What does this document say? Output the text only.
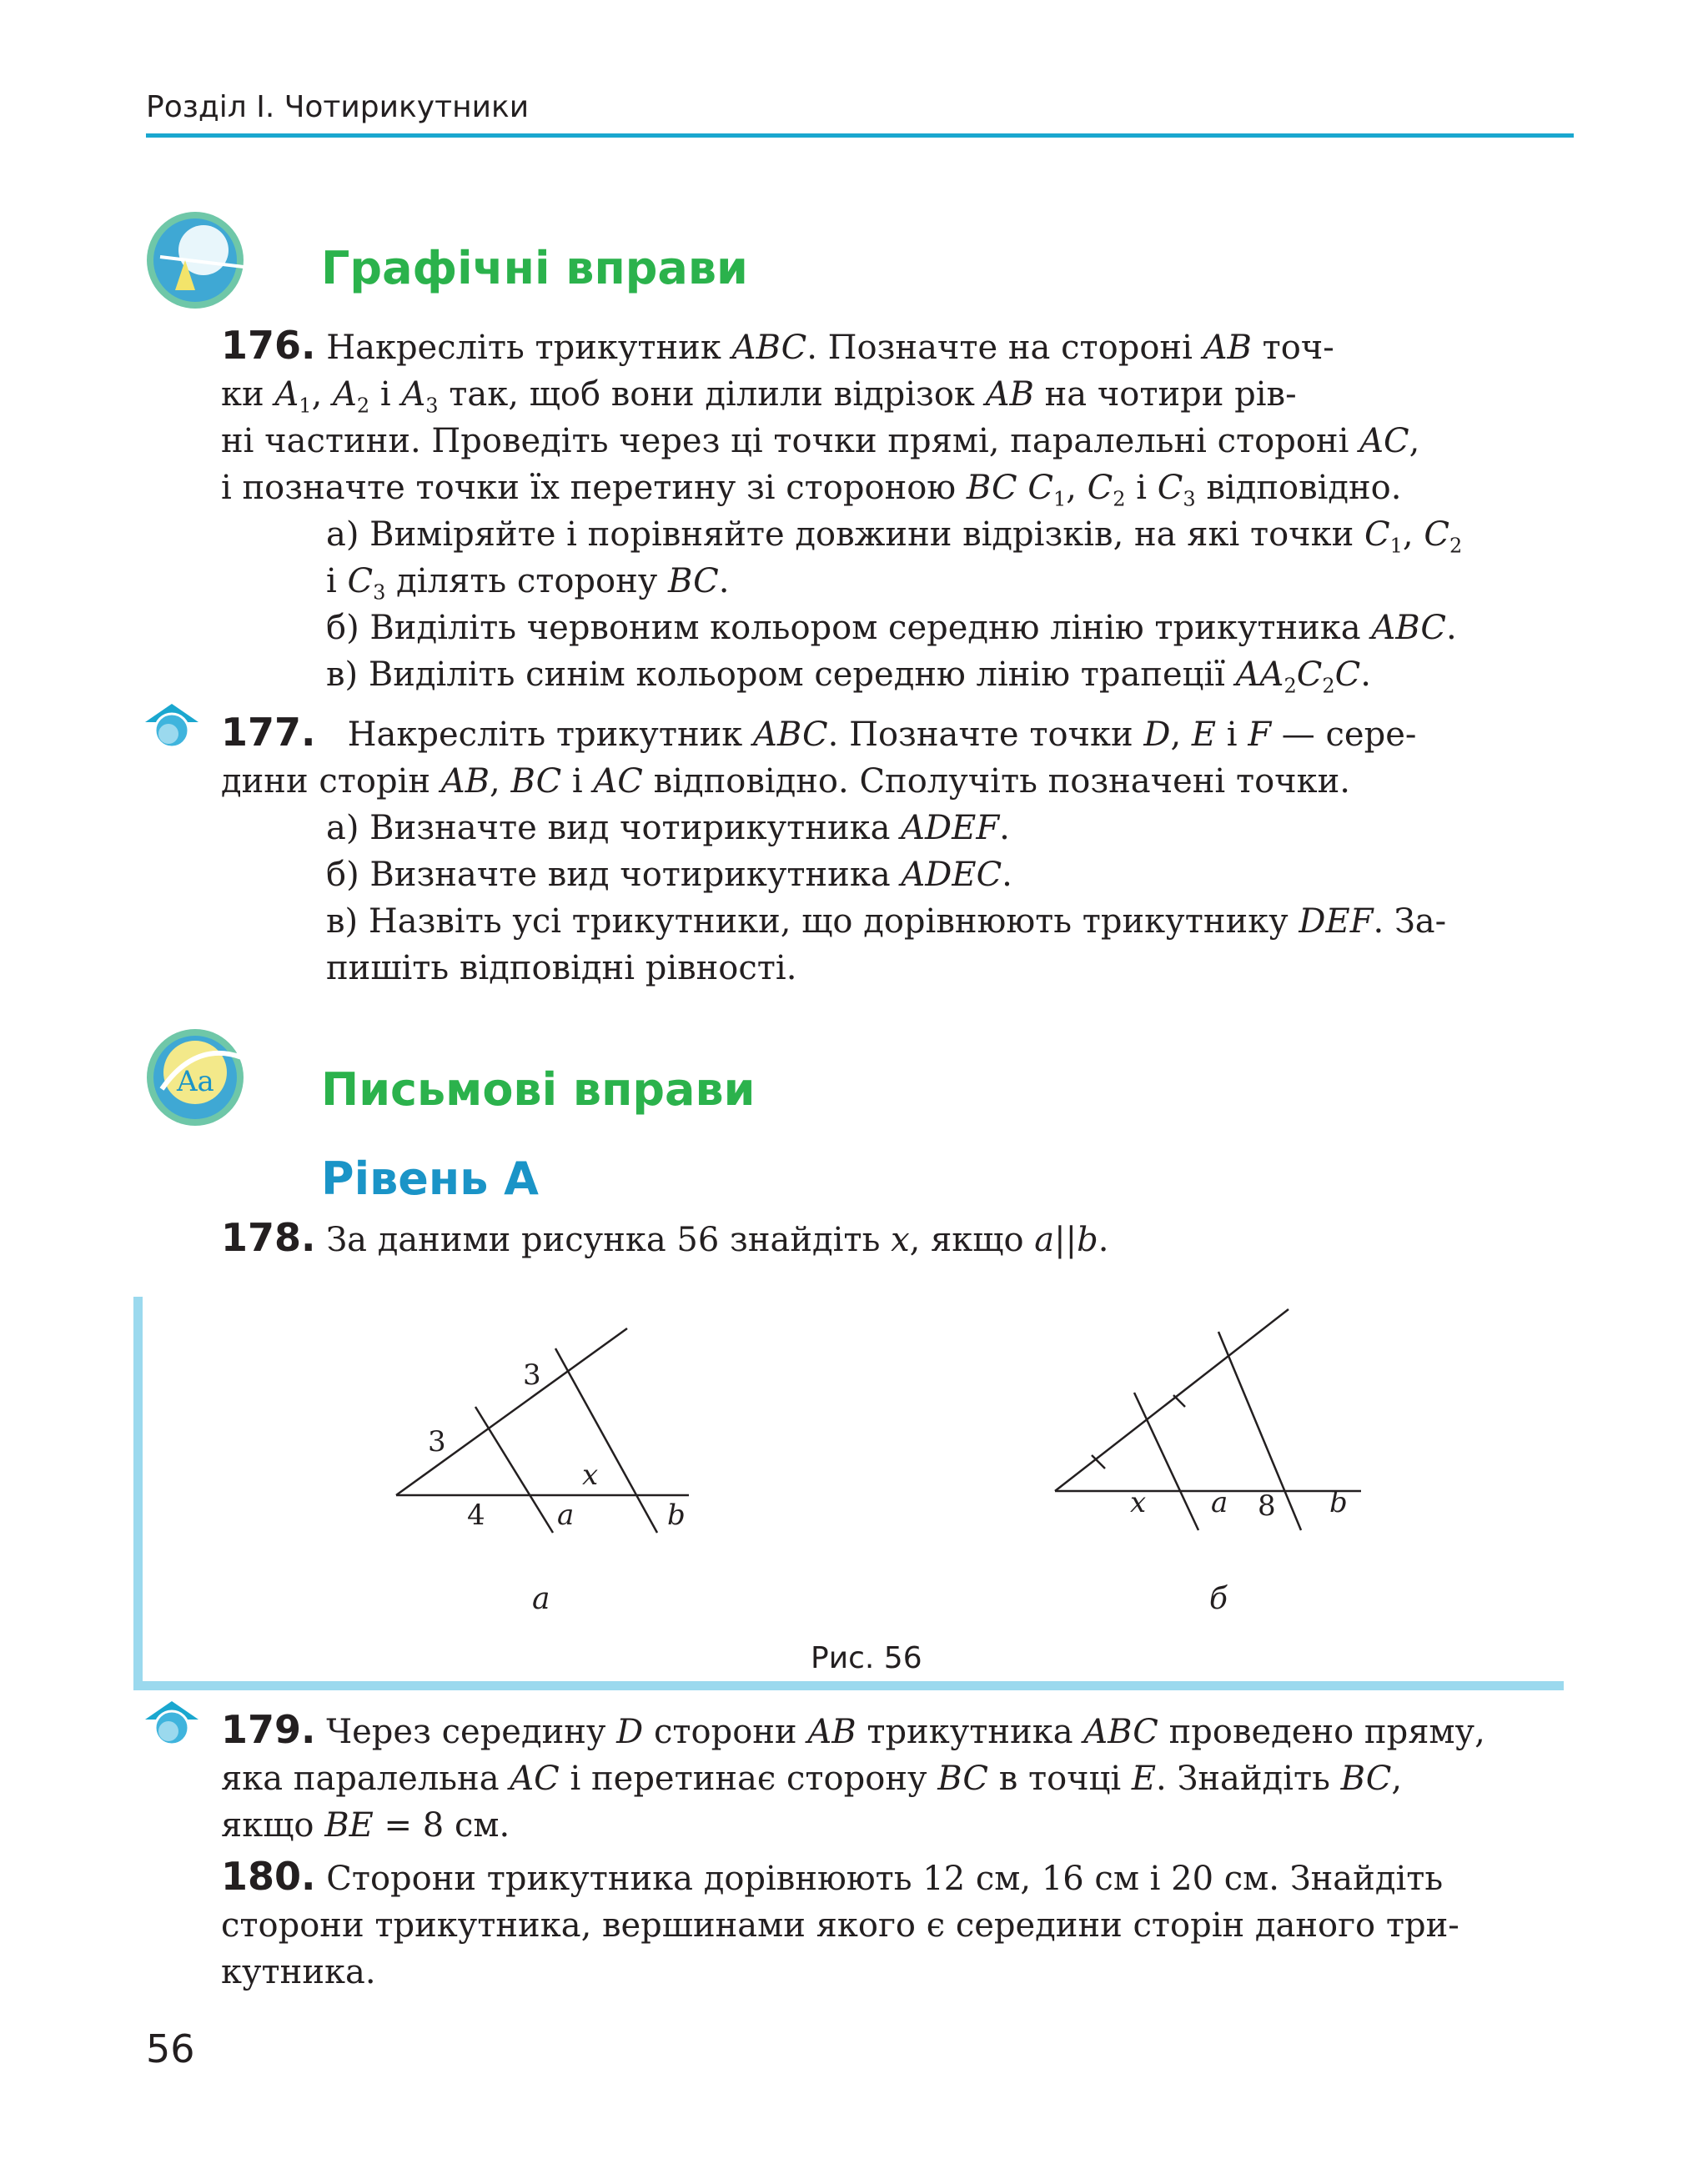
Розділ І. Чотирикутники
Графічні вправи
176. Накресліть трикутник ABC. Позначте на стороні AB точ-
ки $A_1$, $A_2$ і $A_3$ так, щоб вони ділили відрізок AB на чотири рів-
ні частини. Проведіть через ці точки прямі, паралельні стороні AC,
і позначте точки їх перетину зі стороною BC $C_1$, $C_2$ і $C_3$ відповідно.
а) Виміряйте і порівняйте довжини відрізків, на які точки $C_1$, $C_2$
і $C_3$ ділять сторону BC.
б) Виділіть червоним кольором середню лінію трикутника ABC.
в) Виділіть синім кольором середню лінію трапеції $AA_2C_2C$.
177. Накресліть трикутник ABC. Позначте точки D, E і F — сере-
дини сторін AB, BC і AC відповідно. Сполучіть позначені точки.
а) Визначте вид чотирикутника ADEF.
б) Визначте вид чотирикутника ADEC.
в) Назвіть усі трикутники, що дорівнюють трикутнику DEF. За-
пишіть відповідні рівності.
Aa Письмові вправи
Рівень А
178. За даними рисунка 56 знайдіть x, якщо a||b.
3
3
4
x
a	b
а
x a 8 b
б
Рис. 56
179. Через середину D сторони AB трикутника ABC проведено пряму,
яка паралельна AC і перетинає сторону BC в точці E. Знайдіть BC,
якщо BE = 8 см.
180. Сторони трикутника дорівнюють 12 см, 16 см і 20 см. Знайдіть
сторони трикутника, вершинами якого є середини сторін даного три-
кутника.
56
